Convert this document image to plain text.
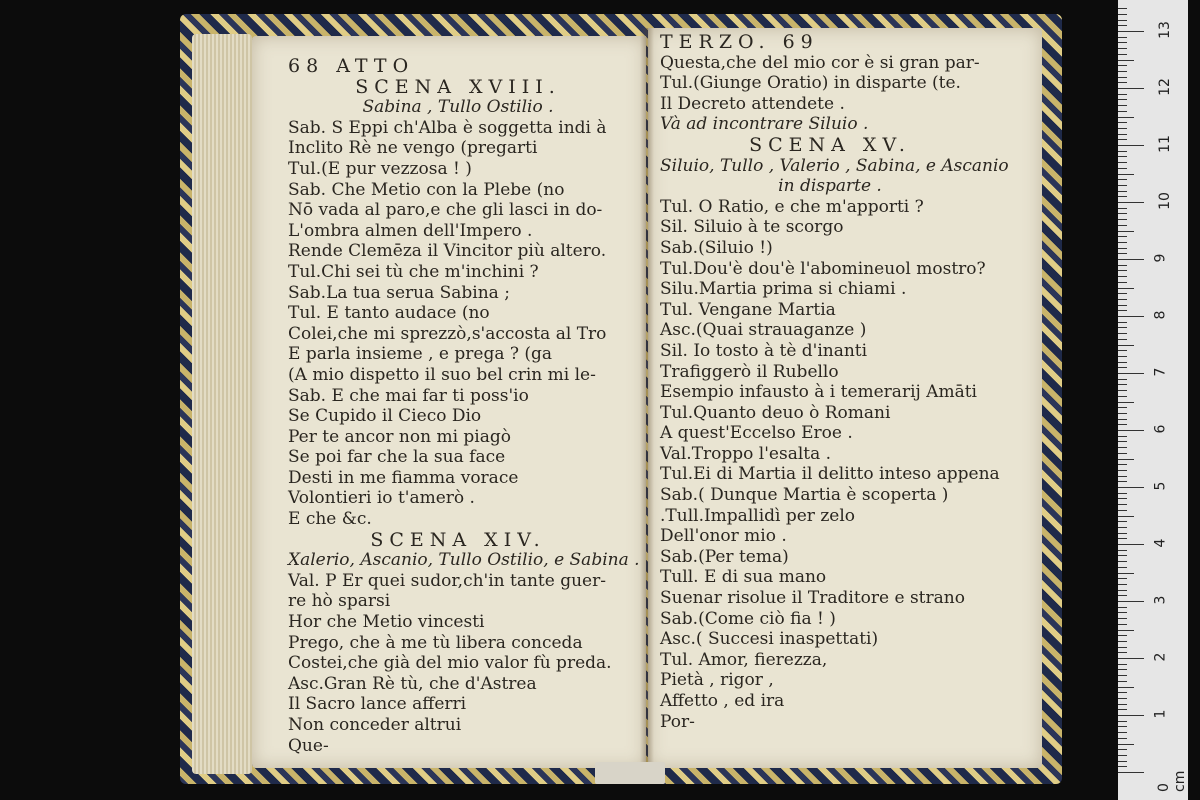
68 ATTO
SCENA XVIII.
Sabina , Tullo Ostilio .
Sab. S Eppi ch'Alba è soggetta indi à
Inclito Rè ne vengo (pregarti
Tul.(E pur vezzosa ! )
Sab. Che Metio con la Plebe (no
Nō vada al paro,e che gli lasci in do-
L'ombra almen dell'Impero .
Rende Clemēza il Vincitor più altero.
Tul.Chi sei tù che m'inchini ?
Sab.La tua serua Sabina ;
Tul. E tanto audace (no
Colei,che mi sprezzò,s'accosta al Tro
E parla insieme , e prega ? (ga
(A mio dispetto il suo bel crin mi le-
Sab. E che mai far ti poss'io
Se Cupido il Cieco Dio
Per te ancor non mi piagò
Se poi far che la sua face
Desti in me fiamma vorace
Volontieri io t'amerò .
E che &c.
SCENA XIV.
Xalerio, Ascanio, Tullo Ostilio, e Sabina .
Val. P Er quei sudor,ch'in tante guer-
re hò sparsi
Hor che Metio vincesti
Prego, che à me tù libera conceda
Costei,che già del mio valor fù preda.
Asc.Gran Rè tù, che d'Astrea
Il Sacro lance afferri
Non conceder altrui
Que-
TERZO. 69
Questa,che del mio cor è si gran par-
Tul.(Giunge Oratio) in disparte (te.
Il Decreto attendete .
Và ad incontrare Siluio .
SCENA XV.
Siluio, Tullo , Valerio , Sabina, e Ascanio
in disparte .
Tul. O Ratio, e che m'apporti ?
Sil. Siluio à te scorgo
Sab.(Siluio !)
Tul.Dou'è dou'è l'abomineuol mostro?
Silu.Martia prima si chiami .
Tul. Vengane Martia
Asc.(Quai strauaganze )
Sil. Io tosto à tè d'inanti
Trafiggerò il Rubello
Esempio infausto à i temerarij Amāti
Tul.Quanto deuo ò Romani
A quest'Eccelso Eroe .
Val.Troppo l'esalta .
Tul.Ei di Martia il delitto inteso appena
Sab.( Dunque Martia è scoperta )
.Tull.Impallidì per zelo
Dell'onor mio .
Sab.(Per tema)
Tull. E di sua mano
Suenar risolue il Traditore e strano
Sab.(Come ciò fia ! )
Asc.( Succesi inaspettati)
Tul. Amor, fierezza,
Pietà , rigor ,
Affetto , ed ira
Por-
0 cm
1
2
3
4
5
6
7
8
9
10
11
12
13
